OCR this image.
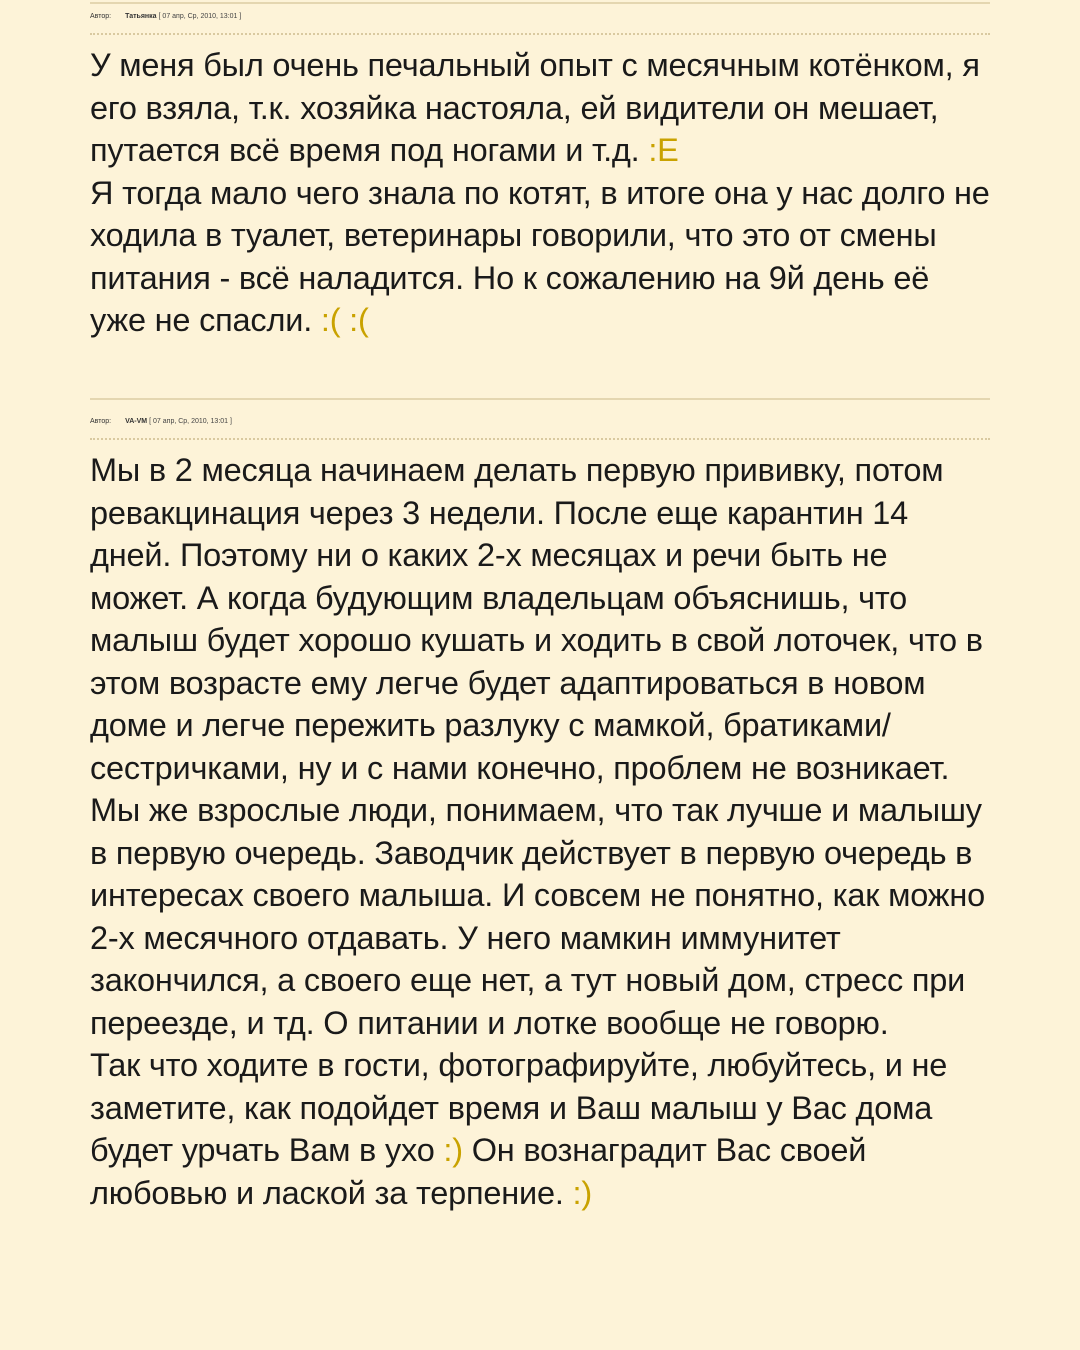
Автор: Татьянка [ 07 апр, Ср, 2010, 13:01 ]

У меня был очень печальный опыт с месячным котёнком, я его взяла, т.к. хозяйка настояла, ей видители он мешает, путается всё время под ногами и т.д. :E

Я тогда мало чего знала по котят, в итоге она у нас долго не ходила в туалет, ветеринары говорили, что это от смены питания - всё наладится. Но к сожалению на 9й день её уже не спасли. :( :(

Автор: VA-VM [ 07 апр, Ср, 2010, 13:01 ]

Мы в 2 месяца начинаем делать первую прививку, потом ревакцинация через 3 недели. После еще карантин 14 дней. Поэтому ни о каких 2-х месяцах и речи быть не может. А когда будующим владельцам объяснишь, что малыш будет хорошо кушать и ходить в свой лоточек, что в этом возрасте ему легче будет адаптироваться в новом доме и легче пережить разлуку с мамкой, братиками/ сестричками, ну и с нами конечно, проблем не возникает. Мы же взрослые люди, понимаем, что так лучше и малышу в первую очередь. Заводчик действует в первую очередь в интересах своего малыша. И совсем не понятно, как можно 2-х месячного отдавать. У него мамкин иммунитет закончился, а своего еще нет, а тут новый дом, стресс при переезде, и тд. О питании и лотке вообще не говорю.

Так что ходите в гости, фотографируйте, любуйтесь, и не заметите, как подойдет время и Ваш малыш у Вас дома будет урчать Вам в ухо :) Он вознаградит Вас своей любовью и лаской за терпение. :)
